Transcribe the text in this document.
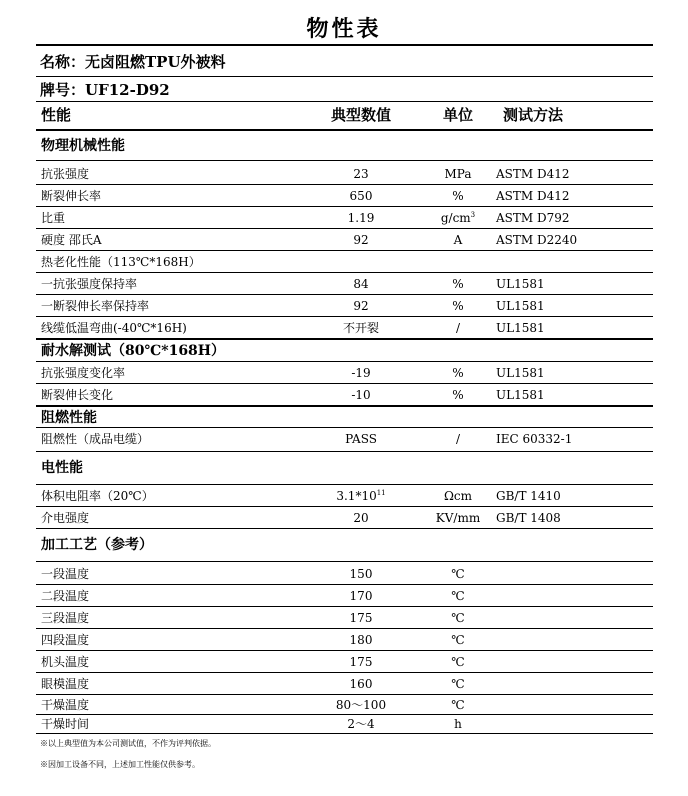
物性表
名称：无卤阻燃TPU外被料
牌号：UF12-D92
性能	典型数值	单位	测试方法
物理机械性能
抗张强度	23	MPa	ASTM D412
断裂伸长率	650	%	ASTM D412
比重	1.19	$g/cm^3$	ASTM D792
硬度 邵氏A	92	A	ASTM D2240
热老化性能（113℃*168H）
一抗张强度保持率	84	%	UL1581
一断裂伸长率保持率	92	%	UL1581
线缆低温弯曲(-40℃*16H)	不开裂	/	UL1581
耐水解测试（80℃*168H）
抗张强度变化率	-19	%	UL1581
断裂伸长变化	-10	%	UL1581
阻燃性能
阻燃性（成品电缆）	PASS	/	IEC 60332-1
电性能
体积电阻率（20℃）	$3.1*10^{11}$	Ωcm	GB/T 1410
介电强度	20	KV/mm	GB/T 1408
加工工艺（参考）
一段温度	150	℃
二段温度	170	℃
三段温度	175	℃
四段温度	180	℃
机头温度	175	℃
眼模温度	160	℃
干燥温度	80～100	℃
干燥时间	2～4	h
※以上典型值为本公司测试值，不作为评判依据。
※因加工设备不同，上述加工性能仅供参考。
